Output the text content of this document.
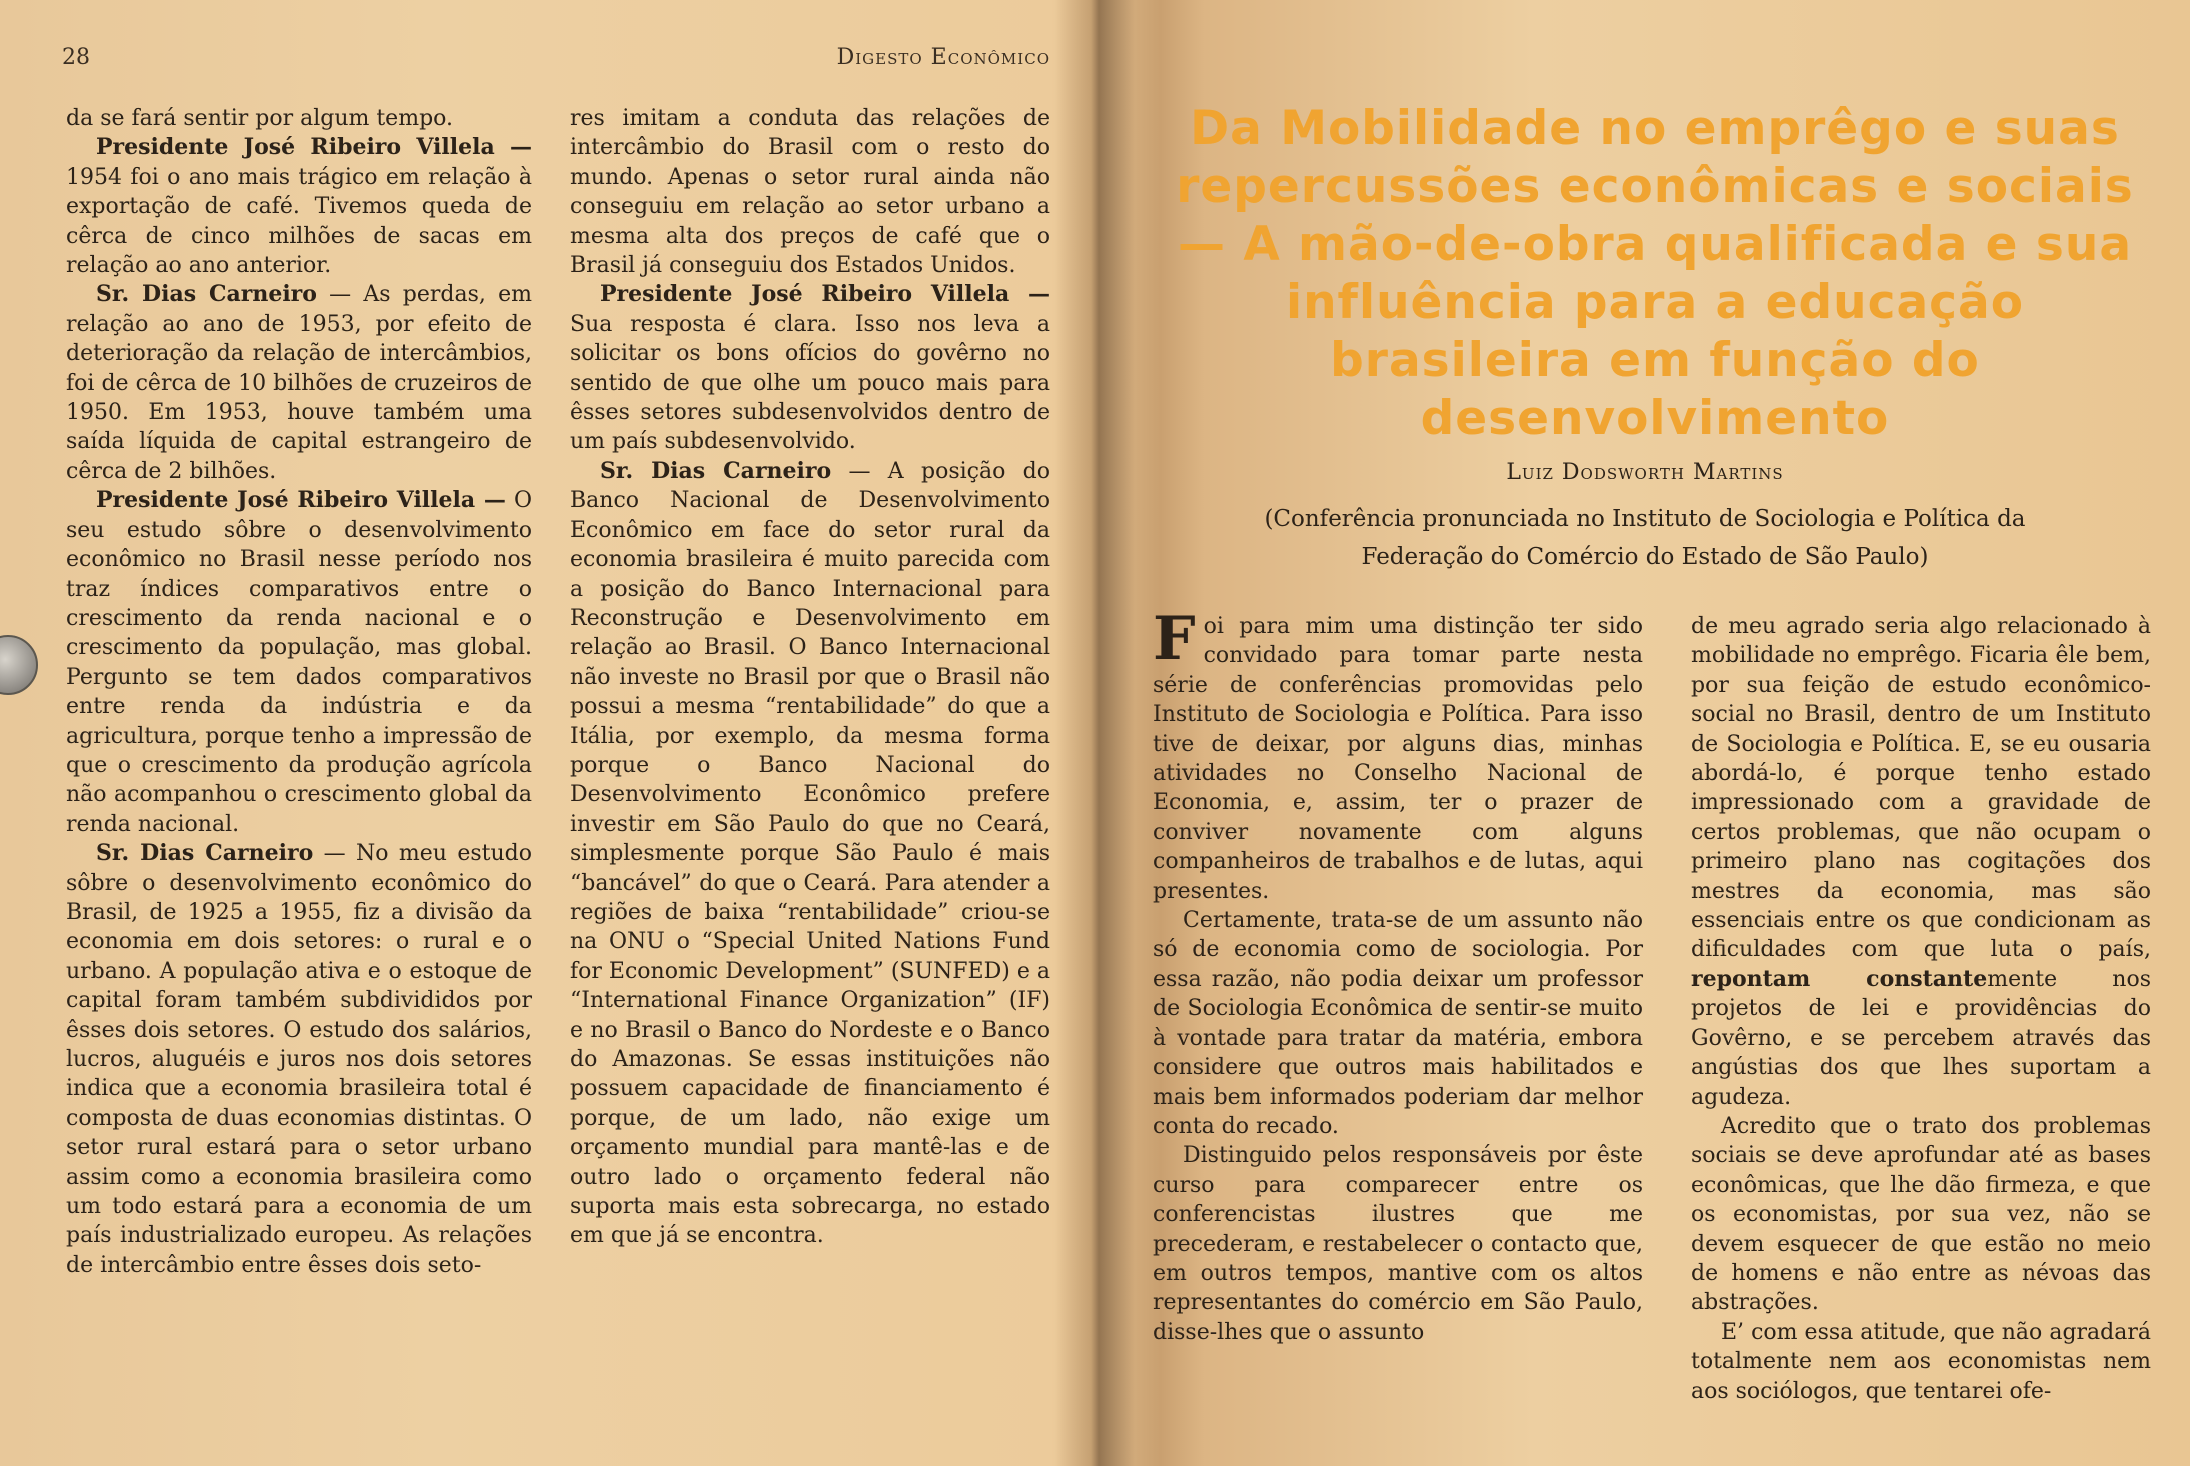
28	Digesto Econômico

da se fará sentir por algum tempo.

Presidente José Ribeiro Villela — 1954 foi o ano mais trágico em relação à exportação de café. Tivemos queda de cêrca de cinco milhões de sacas em relação ao ano anterior.

Sr. Dias Carneiro — As perdas, em relação ao ano de 1953, por efeito de deterioração da relação de intercâmbios, foi de cêrca de 10 bilhões de cruzeiros de 1950. Em 1953, houve também uma saída líquida de capital estrangeiro de cêrca de 2 bilhões.

Presidente José Ribeiro Villela — O seu estudo sôbre o desenvolvimento econômico no Brasil nesse período nos traz índices comparativos entre o crescimento da renda nacional e o crescimento da população, mas global. Pergunto se tem dados comparativos entre renda da indústria e da agricultura, porque tenho a impressão de que o crescimento da produção agrícola não acompanhou o crescimento global da renda nacional.

Sr. Dias Carneiro — No meu estudo sôbre o desenvolvimento econômico do Brasil, de 1925 a 1955, fiz a divisão da economia em dois setores: o rural e o urbano. A população ativa e o estoque de capital foram também subdivididos por êsses dois setores. O estudo dos salários, lucros, aluguéis e juros nos dois setores indica que a economia brasileira total é composta de duas economias distintas. O setor rural estará para o setor urbano assim como a economia brasileira como um todo estará para a economia de um país industrializado europeu. As relações de intercâmbio entre êsses dois seto-

res imitam a conduta das relações de intercâmbio do Brasil com o resto do mundo. Apenas o setor rural ainda não conseguiu em relação ao setor urbano a mesma alta dos preços de café que o Brasil já conseguiu dos Estados Unidos.

Presidente José Ribeiro Villela — Sua resposta é clara. Isso nos leva a solicitar os bons ofícios do govêrno no sentido de que olhe um pouco mais para êsses setores subdesenvolvidos dentro de um país subdesenvolvido.

Sr. Dias Carneiro — A posição do Banco Nacional de Desenvolvimento Econômico em face do setor rural da economia brasileira é muito parecida com a posição do Banco Internacional para Reconstrução e Desenvolvimento em relação ao Brasil. O Banco Internacional não investe no Brasil por que o Brasil não possui a mesma “rentabilidade” do que a Itália, por exemplo, da mesma forma porque o Banco Nacional do Desenvolvimento Econômico prefere investir em São Paulo do que no Ceará, simplesmente porque São Paulo é mais “bancável” do que o Ceará. Para atender a regiões de baixa “rentabilidade” criou-se na ONU o “Special United Nations Fund for Economic Development” (SUNFED) e a “International Finance Organization” (IF) e no Brasil o Banco do Nordeste e o Banco do Amazonas. Se essas instituições não possuem capacidade de financiamento é porque, de um lado, não exige um orçamento mundial para mantê-las e de outro lado o orçamento federal não suporta mais esta sobrecarga, no estado em que já se encontra.

Da Mobilidade no emprêgo e suas repercussões econômicas e sociais — A mão-de-obra qualificada e sua influência para a educação brasileira em função do desenvolvimento
Luiz Dodsworth Martins
(Conferência pronunciada no Instituto de Sociologia e Política da Federação do Comércio do Estado de São Paulo)

Foi para mim uma distinção ter sido convidado para tomar parte nesta série de conferências promovidas pelo Instituto de Sociologia e Política. Para isso tive de deixar, por alguns dias, minhas atividades no Conselho Nacional de Economia, e, assim, ter o prazer de conviver novamente com alguns companheiros de trabalhos e de lutas, aqui presentes.

Certamente, trata-se de um assunto não só de economia como de sociologia. Por essa razão, não podia deixar um professor de Sociologia Econômica de sentir-se muito à vontade para tratar da matéria, embora considere que outros mais habilitados e mais bem informados poderiam dar melhor conta do recado.

Distinguido pelos responsáveis por êste curso para comparecer entre os conferencistas ilustres que me precederam, e restabelecer o contacto que, em outros tempos, mantive com os altos representantes do comércio em São Paulo, disse-lhes que o assunto

de meu agrado seria algo relacionado à mobilidade no emprêgo. Ficaria êle bem, por sua feição de estudo econômico-social no Brasil, dentro de um Instituto de Sociologia e Política. E, se eu ousaria abordá-lo, é porque tenho estado impressionado com a gravidade de certos problemas, que não ocupam o primeiro plano nas cogitações dos mestres da economia, mas são essenciais entre os que condicionam as dificuldades com que luta o país, repontam constantemente nos projetos de lei e providências do Govêrno, e se percebem através das angústias dos que lhes suportam a agudeza.

Acredito que o trato dos problemas sociais se deve aprofundar até as bases econômicas, que lhe dão firmeza, e que os economistas, por sua vez, não se devem esquecer de que estão no meio de homens e não entre as névoas das abstrações.

E’ com essa atitude, que não agradará totalmente nem aos economistas nem aos sociólogos, que tentarei ofe-
